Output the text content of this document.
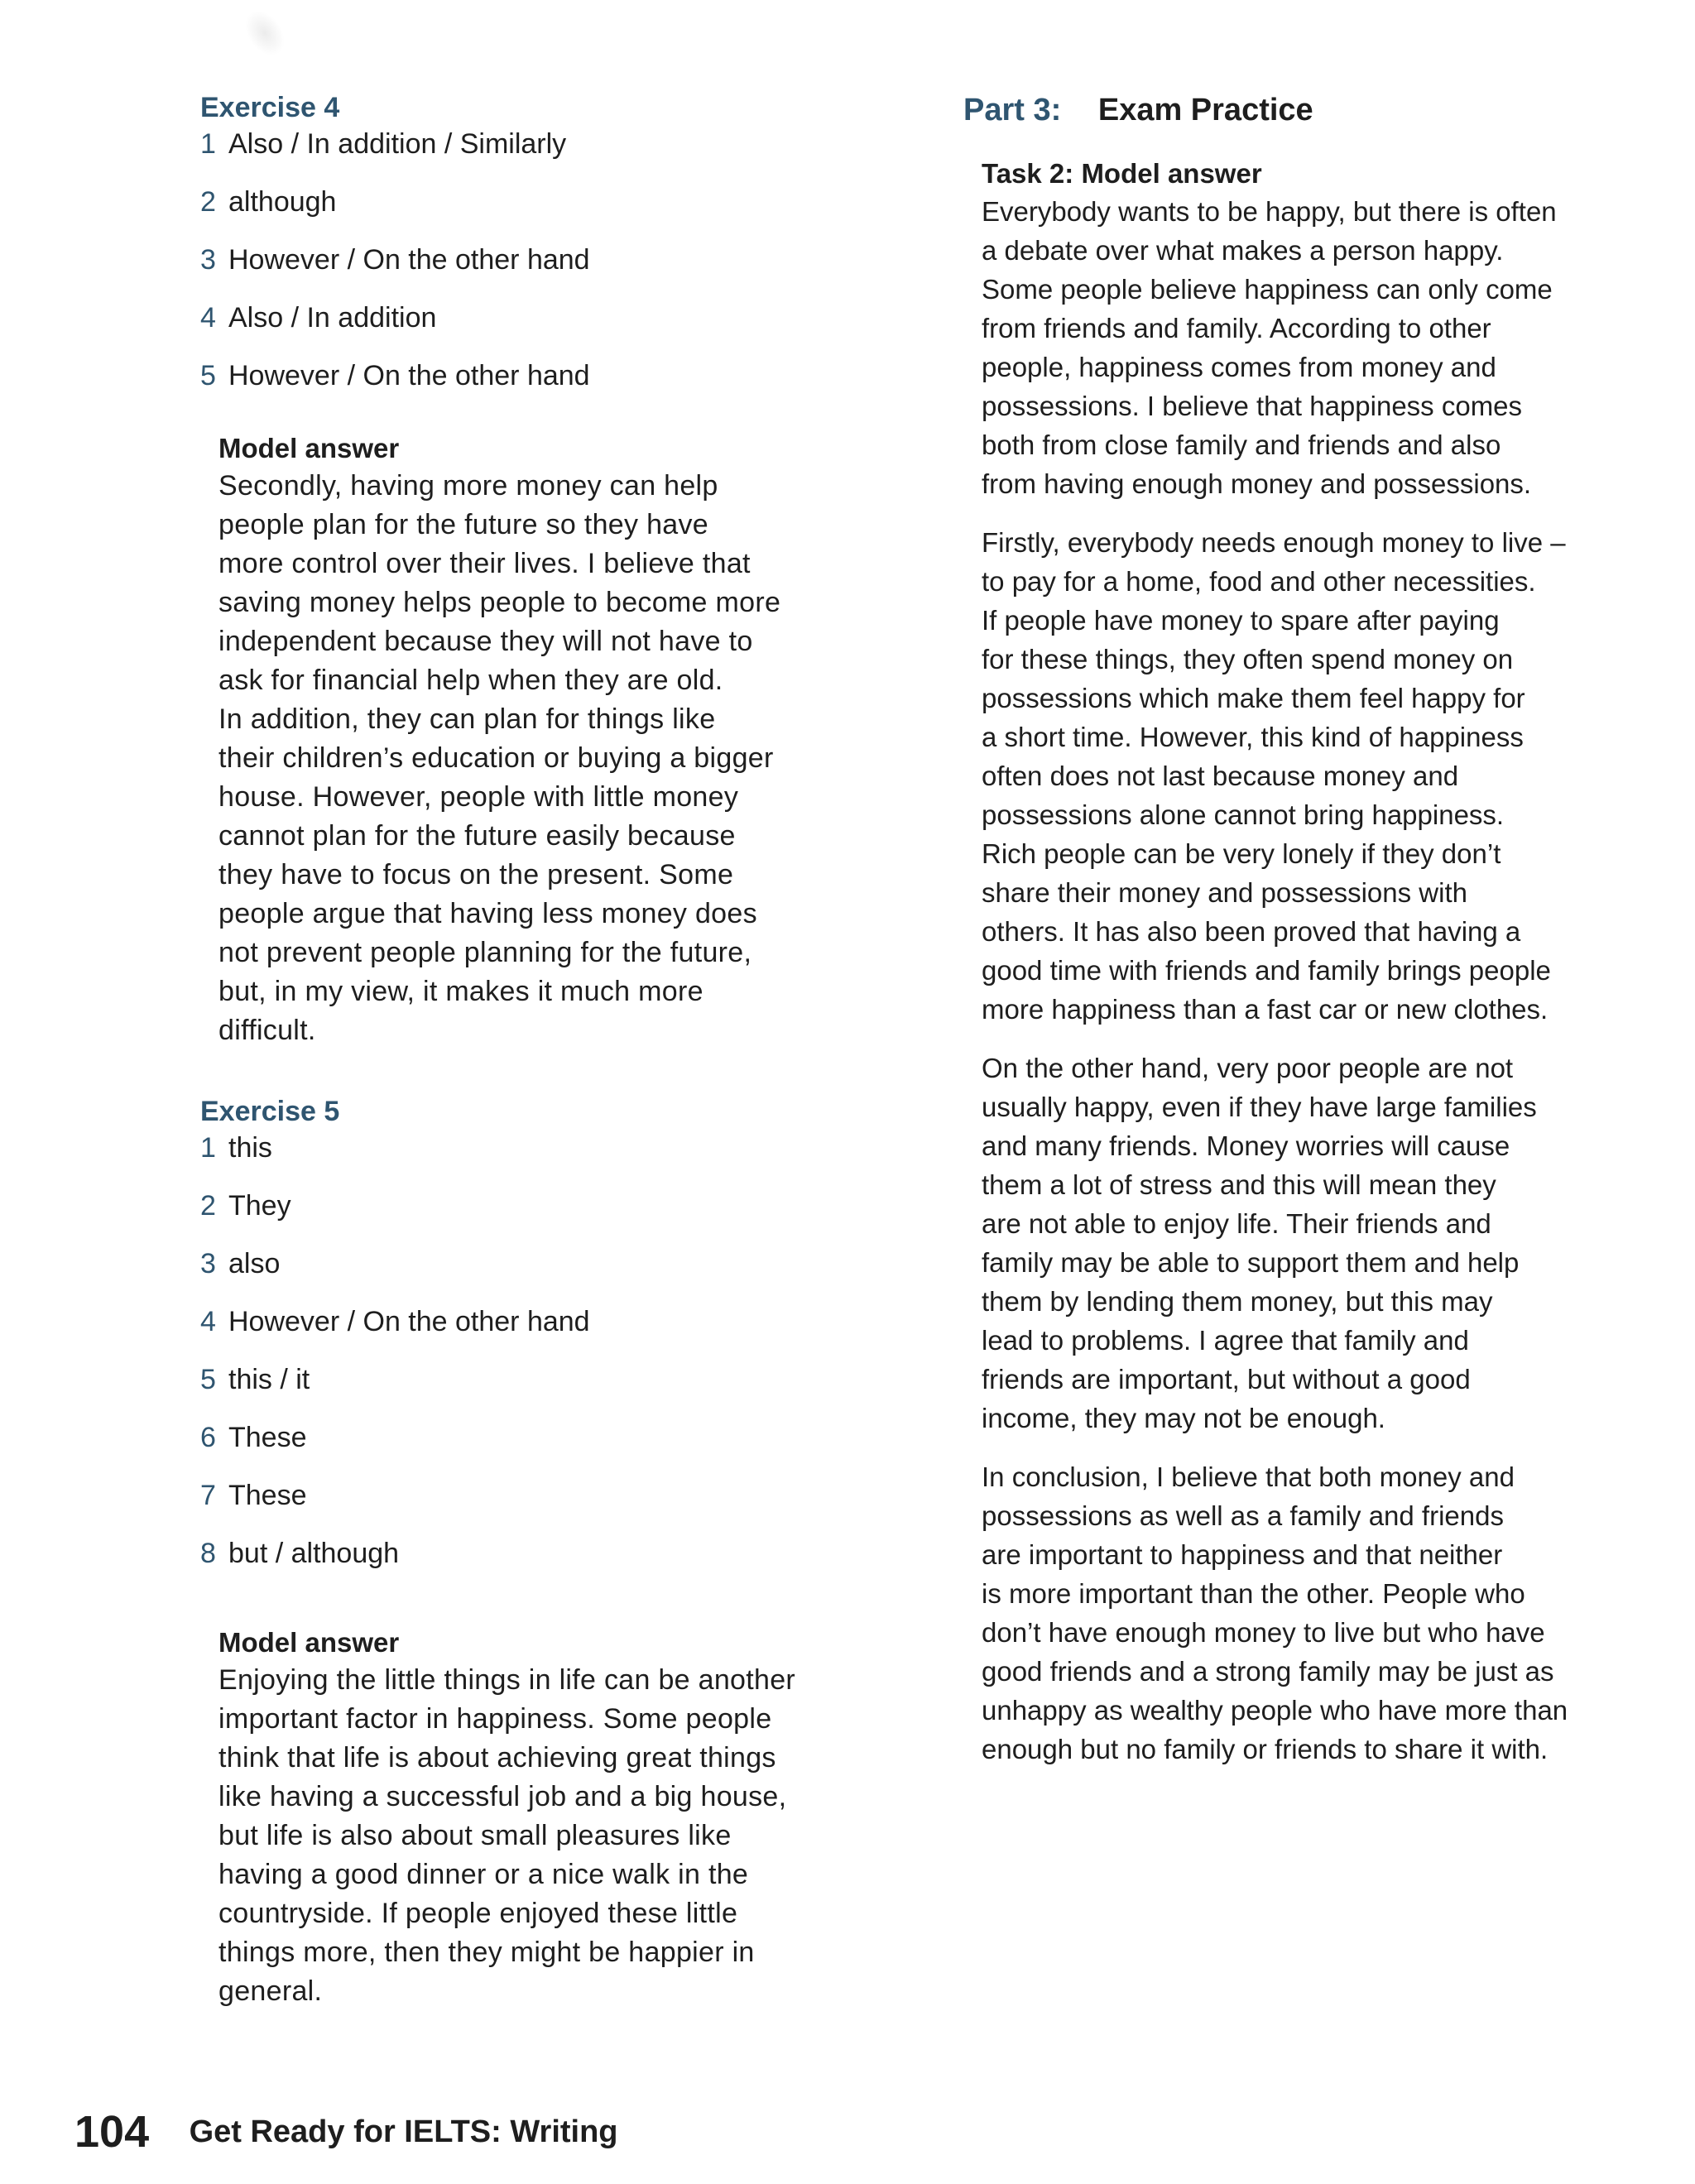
Exercise 4
1 Also / In addition / Similarly
2 although
3 However / On the other hand
4 Also / In addition
5 However / On the other hand

Model answer

Secondly, having more money can help
people plan for the future so they have
more control over their lives. I believe that
saving money helps people to become more
independent because they will not have to
ask for financial help when they are old.
In addition, they can plan for things like
their children’s education or buying a bigger
house. However, people with little money
cannot plan for the future easily because
they have to focus on the present. Some
people argue that having less money does
not prevent people planning for the future,
but, in my view, it makes it much more
difficult.

Exercise 5
1 this
2 They
3 also
4 However / On the other hand
5 this / it
6 These
7 These
8 but / although

Model answer

Enjoying the little things in life can be another
important factor in happiness. Some people
think that life is about achieving great things
like having a successful job and a big house,
but life is also about small pleasures like
having a good dinner or a nice walk in the
countryside. If people enjoyed these little
things more, then they might be happier in
general.

Part 3: Exam Practice

Task 2: Model answer

Everybody wants to be happy, but there is often
a debate over what makes a person happy.
Some people believe happiness can only come
from friends and family. According to other
people, happiness comes from money and
possessions. I believe that happiness comes
both from close family and friends and also
from having enough money and possessions.

Firstly, everybody needs enough money to live –
to pay for a home, food and other necessities.
If people have money to spare after paying
for these things, they often spend money on
possessions which make them feel happy for
a short time. However, this kind of happiness
often does not last because money and
possessions alone cannot bring happiness.
Rich people can be very lonely if they don’t
share their money and possessions with
others. It has also been proved that having a
good time with friends and family brings people
more happiness than a fast car or new clothes.

On the other hand, very poor people are not
usually happy, even if they have large families
and many friends. Money worries will cause
them a lot of stress and this will mean they
are not able to enjoy life. Their friends and
family may be able to support them and help
them by lending them money, but this may
lead to problems. I agree that family and
friends are important, but without a good
income, they may not be enough.

In conclusion, I believe that both money and
possessions as well as a family and friends
are important to happiness and that neither
is more important than the other. People who
don’t have enough money to live but who have
good friends and a strong family may be just as
unhappy as wealthy people who have more than
enough but no family or friends to share it with.

104 Get Ready for IELTS: Writing
